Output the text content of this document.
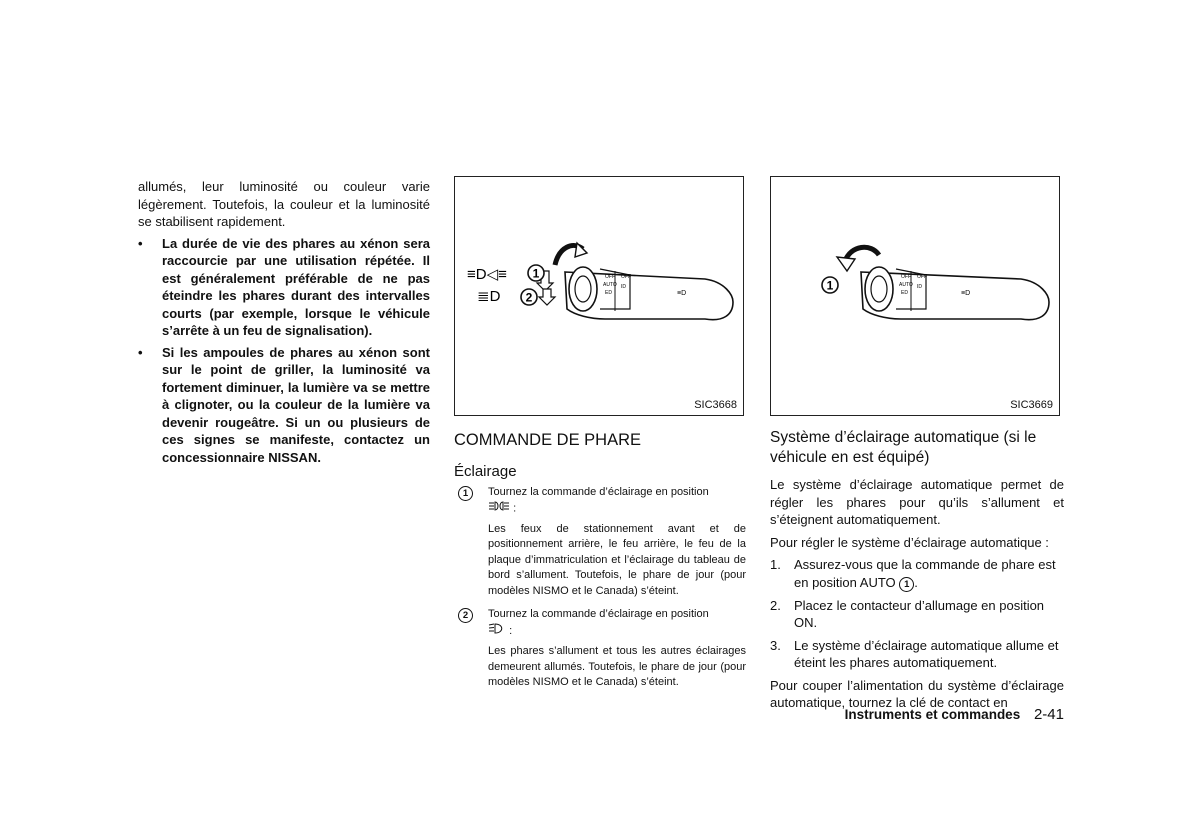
allumés, leur luminosité ou couleur varie légèrement. Toutefois, la couleur et la luminosité se stabilisent rapidement.

• La durée de vie des phares au xénon sera raccourcie par une utilisation répétée. Il est généralement préférable de ne pas éteindre les phares durant des intervalles courts (par exemple, lorsque le véhicule s’arrête à un feu de signalisation).
• Si les ampoules de phares au xénon sont sur le point de griller, la luminosité va fortement diminuer, la lumière va se mettre à clignoter, ou la couleur de la lumière va devenir rougeâtre. Si un ou plusieurs de ces signes se manifeste, contactez un concessionnaire NISSAN.
OFF
AUTO
ED
OFF
ID
≡D
≡D◁≡
≣D
1
2
SIC3668
COMMANDE DE PHARE
Éclairage
1	Tournez la commande d’éclairage en position
:
Les feux de stationnement avant et de positionnement arrière, le feu arrière, le feu de la plaque d’immatriculation et l’éclairage du tableau de bord s’allument. Toutefois, le phare de jour (pour modèles NISMO et le Canada) s’éteint.
2	Tournez la commande d’éclairage en position
:
Les phares s’allument et tous les autres éclairages demeurent allumés. Toutefois, le phare de jour (pour modèles NISMO et le Canada) s’éteint.
OFF
AUTO
ED
OFF
ID
≡D
1
SIC3669
Système d’éclairage automatique (si le véhicule en est équipé)

Le système d’éclairage automatique permet de régler les phares pour qu’ils s’allument et s’éteignent automatiquement.

Pour régler le système d’éclairage automatique :

1. Assurez-vous que la commande de phare est en position AUTO 1 .
2. Placez le contacteur d’allumage en position ON.
3. Le système d’éclairage automatique allume et éteint les phares automatiquement.

Pour couper l’alimentation du système d’éclairage automatique, tournez la clé de contact en

Instruments et commandes 2-41
